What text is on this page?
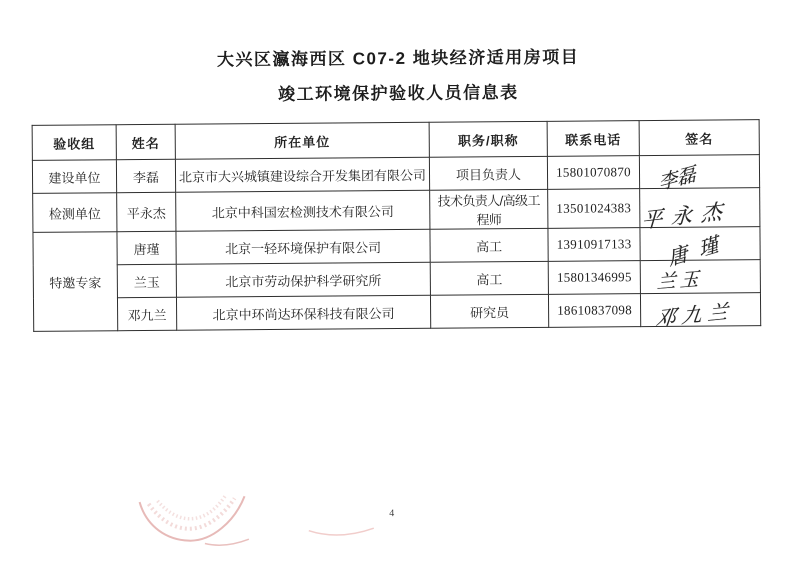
大兴区瀛海西区 C07-2 地块经济适用房项目
竣工环境保护验收人员信息表
验收组	姓名	所在单位	职务/职称	联系电话	签名
建设单位	李磊	北京市大兴城镇建设综合开发集团有限公司	项目负责人	15801070870	李磊
检测单位	平永杰	北京中科国宏检测技术有限公司	技术负责人/高级工程师	13501024383	平永杰
特邀专家	唐瑾	北京一轻环境保护有限公司	高工	13910917133	唐瑾
	兰玉	北京市劳动保护科学研究所	高工	15801346995	兰玉
	邓九兰	北京中环尚达环保科技有限公司	研究员	18610837098	邓九兰
4
